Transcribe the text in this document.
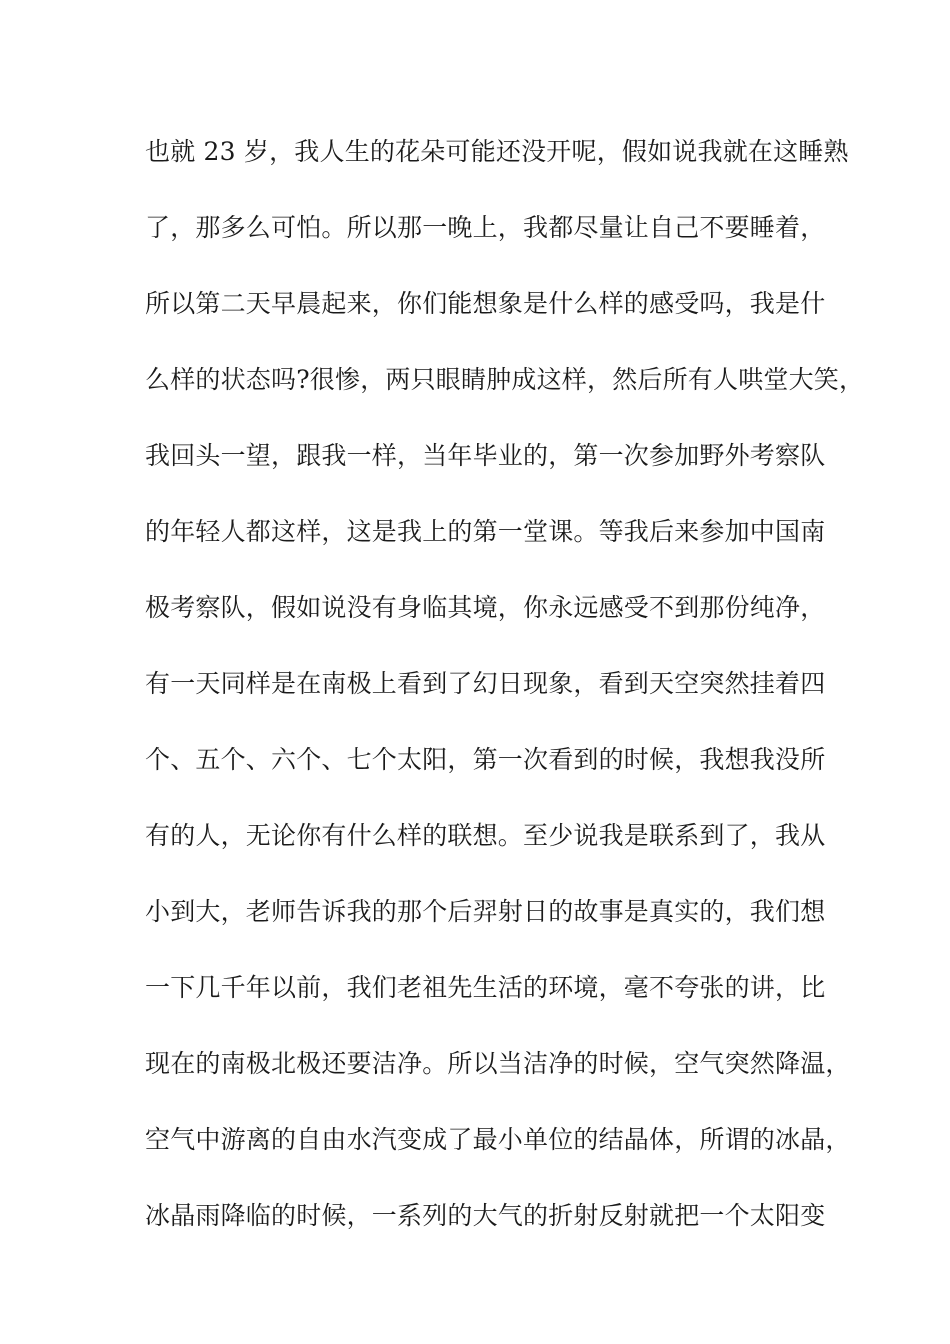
也就 23 岁，我人生的花朵可能还没开呢，假如说我就在这睡熟
了，那多么可怕。所以那一晚上，我都尽量让自己不要睡着，
所以第二天早晨起来，你们能想象是什么样的感受吗，我是什
么样的状态吗?很惨，两只眼睛肿成这样，然后所有人哄堂大笑，
我回头一望，跟我一样，当年毕业的，第一次参加野外考察队
的年轻人都这样，这是我上的第一堂课。等我后来参加中国南
极考察队，假如说没有身临其境，你永远感受不到那份纯净，
有一天同样是在南极上看到了幻日现象，看到天空突然挂着四
个、五个、六个、七个太阳，第一次看到的时候，我想我没所
有的人，无论你有什么样的联想。至少说我是联系到了，我从
小到大，老师告诉我的那个后羿射日的故事是真实的，我们想
一下几千年以前，我们老祖先生活的环境，毫不夸张的讲，比
现在的南极北极还要洁净。所以当洁净的时候，空气突然降温，
空气中游离的自由水汽变成了最小单位的结晶体，所谓的冰晶，
冰晶雨降临的时候，一系列的大气的折射反射就把一个太阳变
